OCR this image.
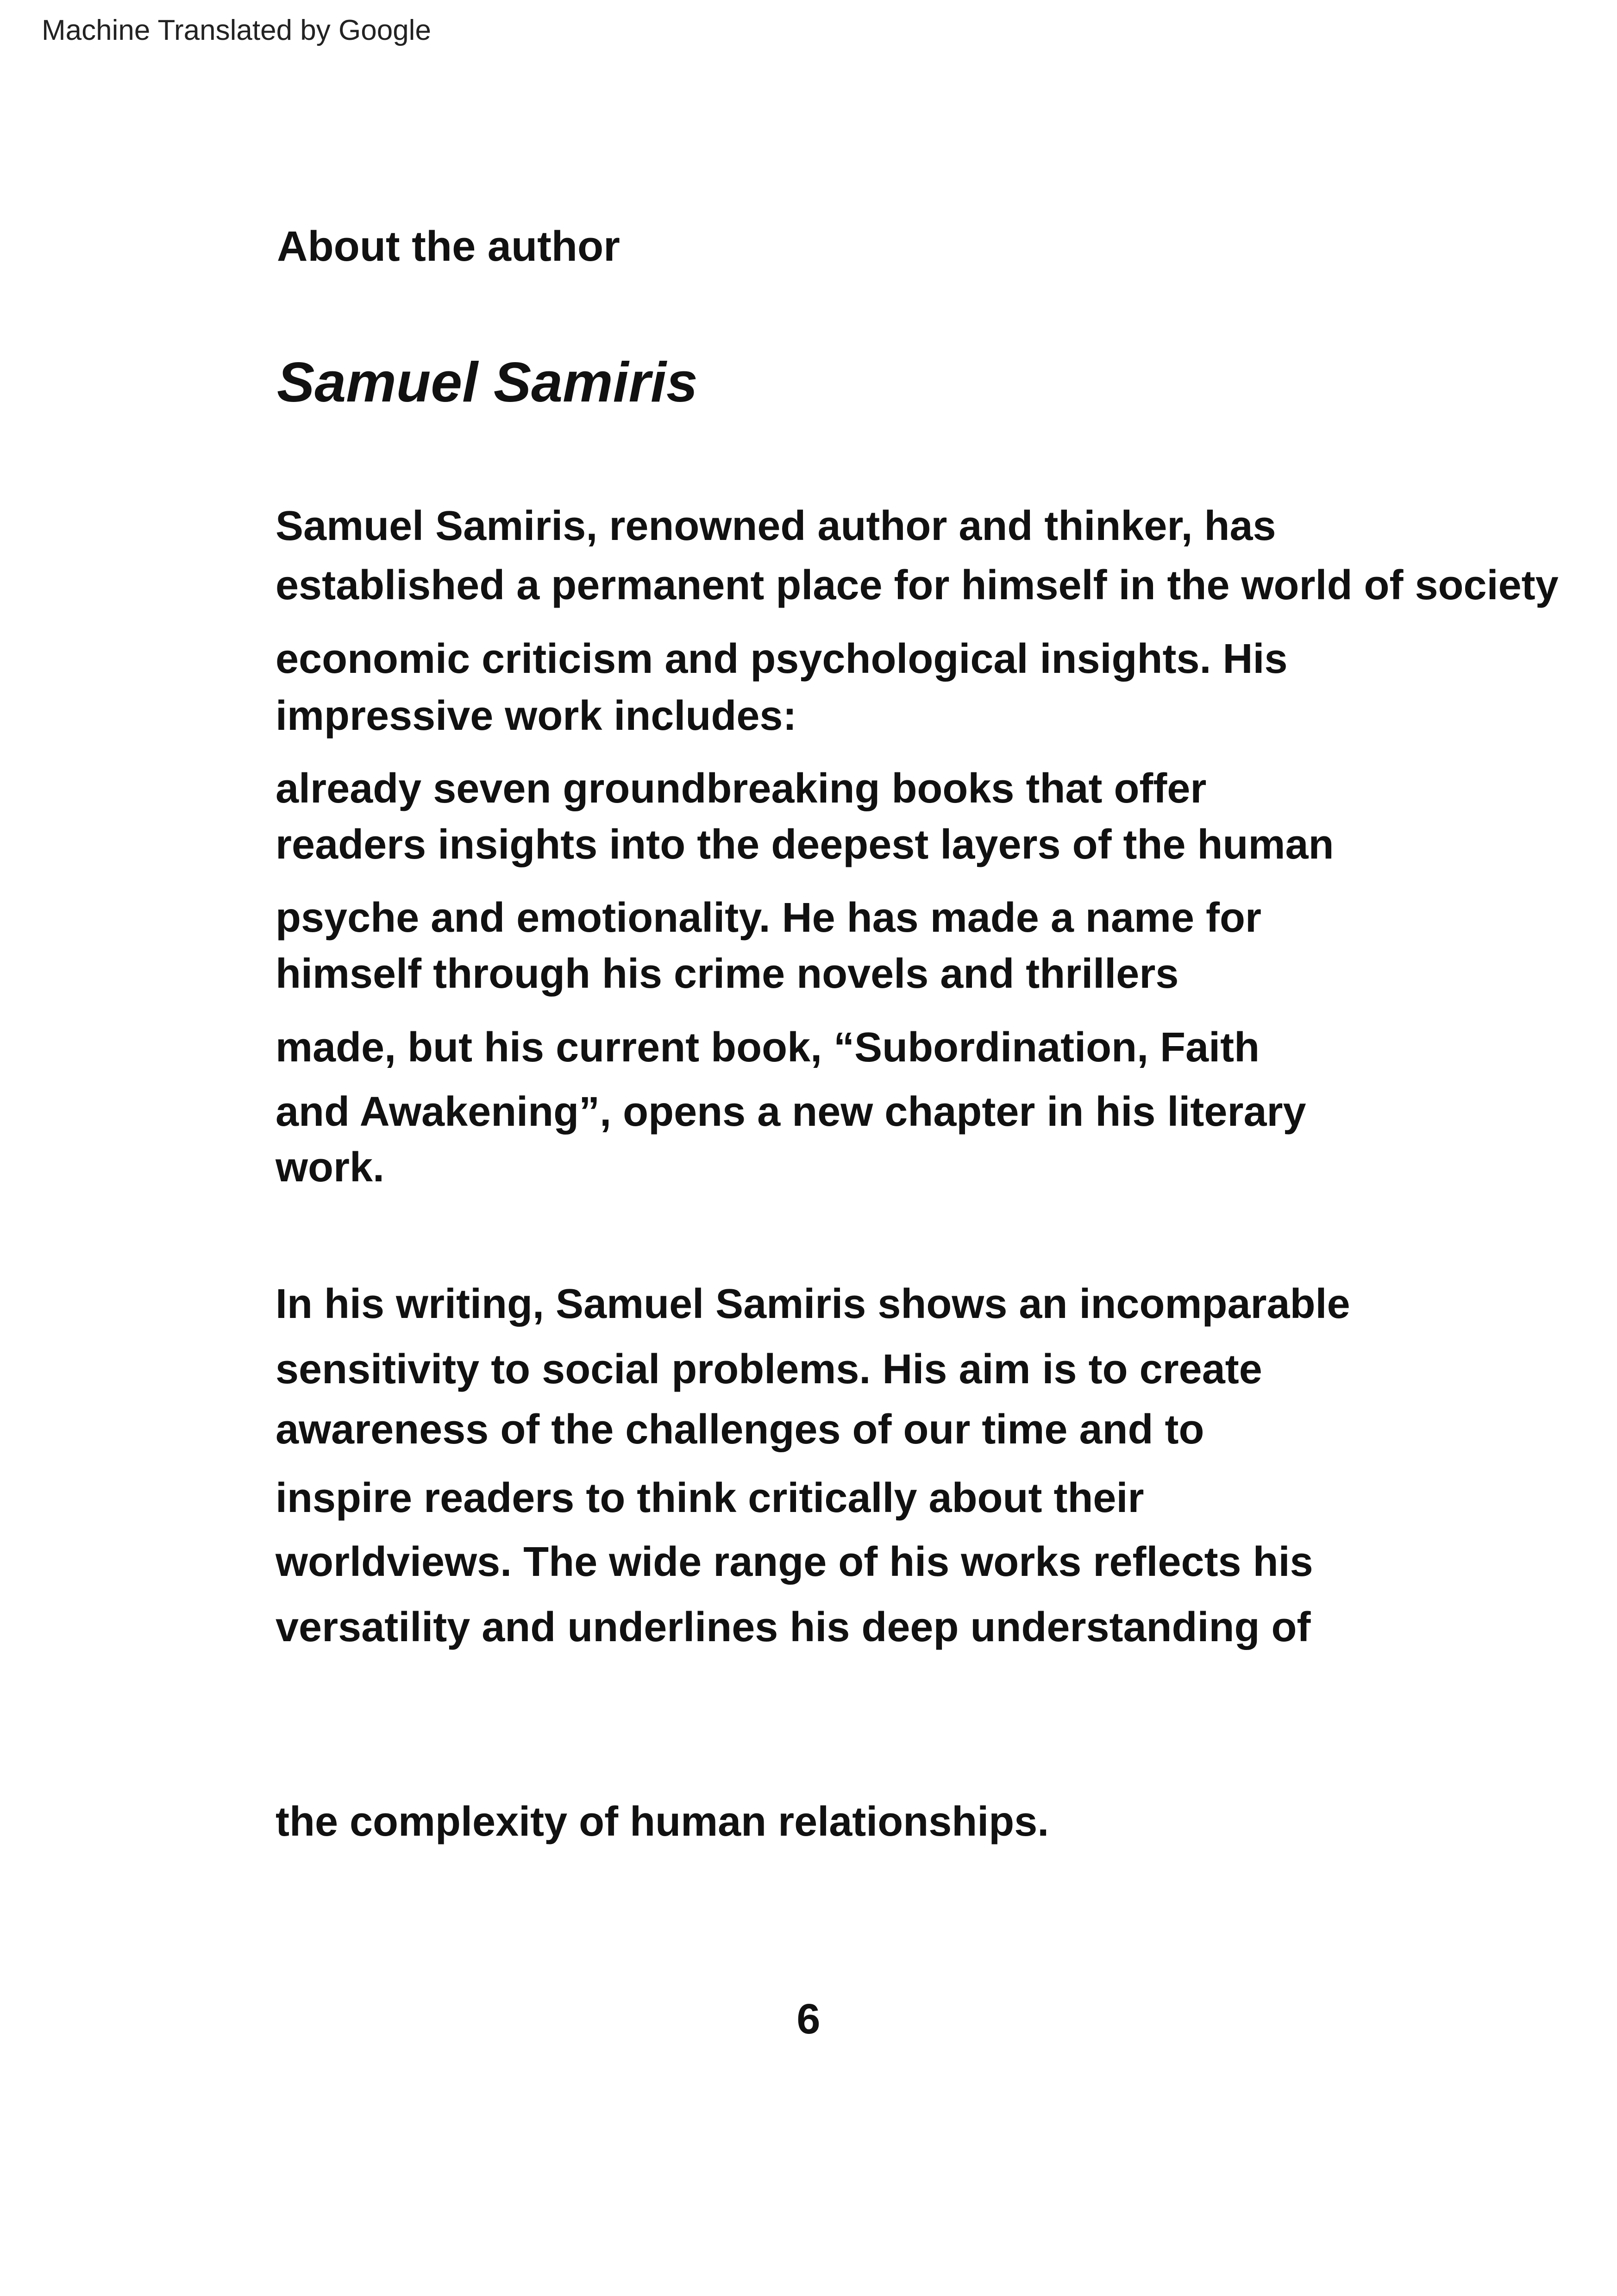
Machine Translated by Google
About the author
Samuel Samiris
Samuel Samiris, renowned author and thinker, has
established a permanent place for himself in the world of society
economic criticism and psychological insights. His
impressive work includes:
already seven groundbreaking books that offer
readers insights into the deepest layers of the human
psyche and emotionality. He has made a name for
himself through his crime novels and thrillers
made, but his current book, “Subordination, Faith
and Awakening”, opens a new chapter in his literary
work.
In his writing, Samuel Samiris shows an incomparable
sensitivity to social problems. His aim is to create
awareness of the challenges of our time and to
inspire readers to think critically about their
worldviews. The wide range of his works reflects his
versatility and underlines his deep understanding of
the complexity of human relationships.
6
